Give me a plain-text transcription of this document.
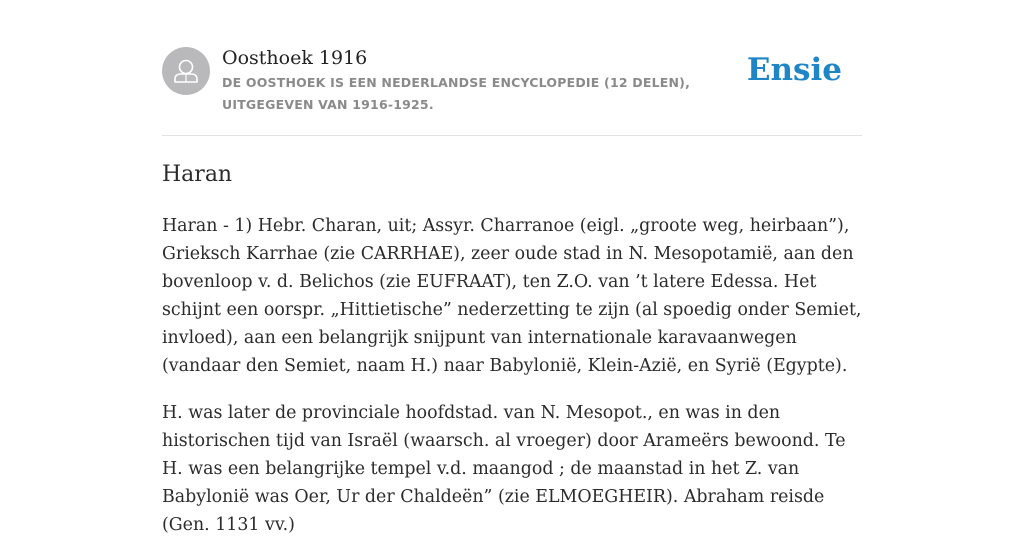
Oosthoek 1916

DE OOSTHOEK IS EEN NEDERLANDSE ENCYCLOPEDIE (12 DELEN), UITGEGEVEN VAN 1916-1925.

Ensie
Haran

Haran - 1) Hebr. Charan, uit; Assyr. Charranoe (eigl. „groote weg, heirbaan”), Grieksch Karrhae (zie CARRHAE), zeer oude stad in N. Mesopotamië, aan den bovenloop v. d. Belichos (zie EUFRAAT), ten Z.O. van ’t latere Edessa. Het schijnt een oorspr. „Hittietische” nederzetting te zijn (al spoedig onder Semiet, invloed), aan een belangrijk snijpunt van internationale karavaanwegen (vandaar den Semiet, naam H.) naar Babylonië, Klein-Azië, en Syrië (Egypte).

H. was later de provinciale hoofdstad. van N. Mesopot., en was in den historischen tijd van Israël (waarsch. al vroeger) door Arameërs bewoond. Te H. was een belangrijke tempel v.d. maangod ; de maanstad in het Z. van Babylonië was Oer, Ur der Chaldeën” (zie ELMOEGHEIR). Abraham reisde (Gen. 1131 vv.)
